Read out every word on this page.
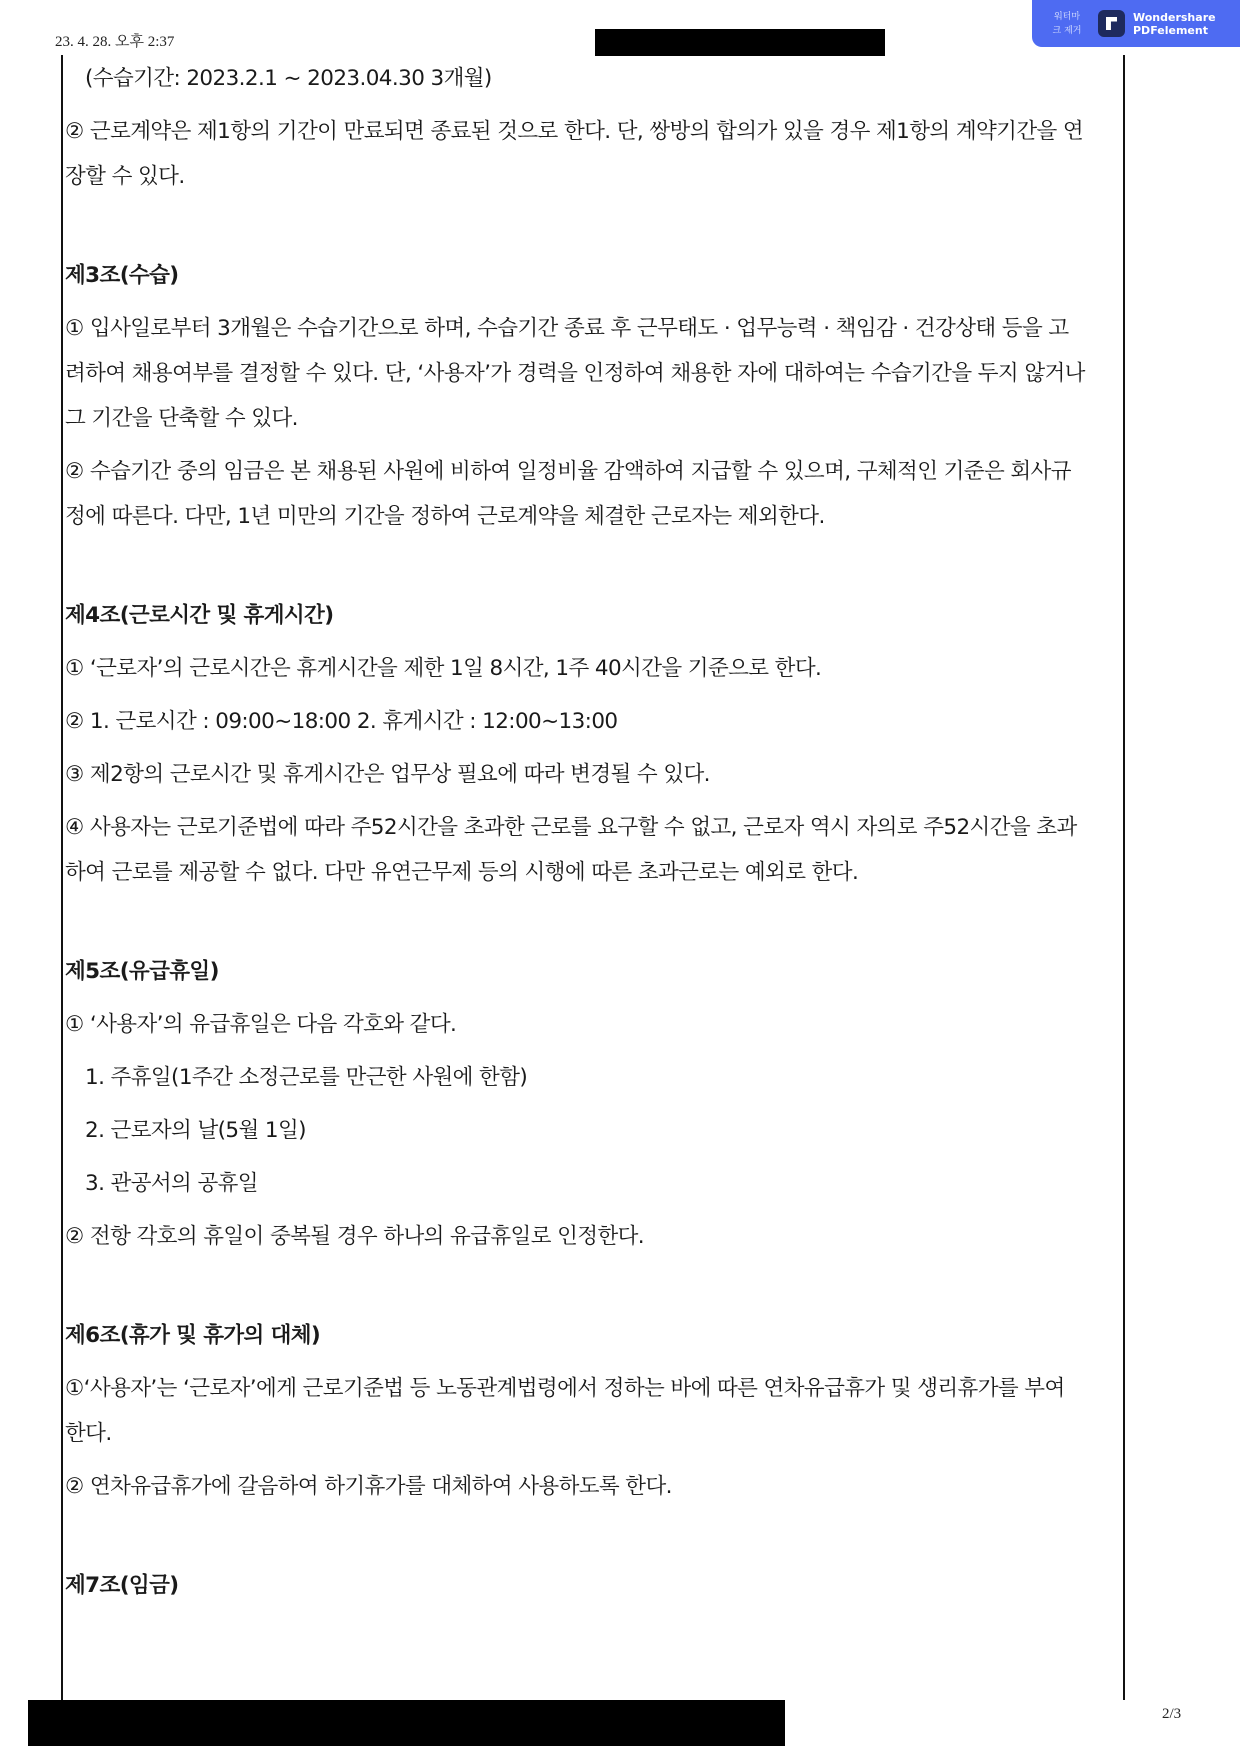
23. 4. 28. 오후 2:37
워터마
크 제거
Wondershare
PDFelement
(수습기간: 2023.2.1 ~ 2023.04.30 3개월)
② 근로계약은 제1항의 기간이 만료되면 종료된 것으로 한다. 단, 쌍방의 합의가 있을 경우 제1항의 계약기간을 연
장할 수 있다.
제3조(수습)
① 입사일로부터 3개월은 수습기간으로 하며, 수습기간 종료 후 근무태도 · 업무능력 · 책임감 · 건강상태 등을 고
려하여 채용여부를 결정할 수 있다. 단, ‘사용자’가 경력을 인정하여 채용한 자에 대하여는 수습기간을 두지 않거나
그 기간을 단축할 수 있다.
② 수습기간 중의 임금은 본 채용된 사원에 비하여 일정비율 감액하여 지급할 수 있으며, 구체적인 기준은 회사규
정에 따른다. 다만, 1년 미만의 기간을 정하여 근로계약을 체결한 근로자는 제외한다.
제4조(근로시간 및 휴게시간)
① ‘근로자’의 근로시간은 휴게시간을 제한 1일 8시간, 1주 40시간을 기준으로 한다.
② 1. 근로시간 : 09:00~18:00 2. 휴게시간 : 12:00~13:00
③ 제2항의 근로시간 및 휴게시간은 업무상 필요에 따라 변경될 수 있다.
④ 사용자는 근로기준법에 따라 주52시간을 초과한 근로를 요구할 수 없고, 근로자 역시 자의로 주52시간을 초과
하여 근로를 제공할 수 없다. 다만 유연근무제 등의 시행에 따른 초과근로는 예외로 한다.
제5조(유급휴일)
① ‘사용자’의 유급휴일은 다음 각호와 같다.
1. 주휴일(1주간 소정근로를 만근한 사원에 한함)
2. 근로자의 날(5월 1일)
3. 관공서의 공휴일
② 전항 각호의 휴일이 중복될 경우 하나의 유급휴일로 인정한다.
제6조(휴가 및 휴가의 대체)
①‘사용자’는 ‘근로자’에게 근로기준법 등 노동관계법령에서 정하는 바에 따른 연차유급휴가 및 생리휴가를 부여
한다.
② 연차유급휴가에 갈음하여 하기휴가를 대체하여 사용하도록 한다.
제7조(임금)
2/3
